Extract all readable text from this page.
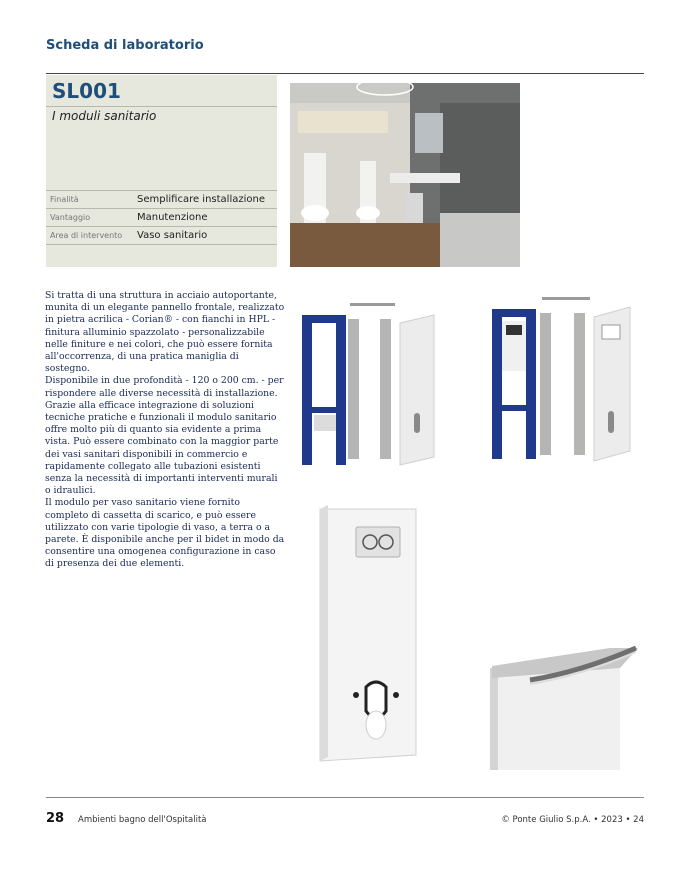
Scheda di laboratorio
SL001
I moduli sanitario
Finalità	Semplificare installazione
Vantaggio	Manutenzione
Area di intervento	Vaso sanitario

Si tratta di una struttura in acciaio autoportante, munita di un elegante pannello frontale, realizzato in pietra acrilica - Corian® - con fianchi in HPL - finitura alluminio spazzolato - personalizzabile nelle finiture e nei colori, che può essere fornita all'occorrenza, di una pratica maniglia di sostegno.

Disponibile in due profondità - 120 o 200 cm. - per rispondere alle diverse necessità di installazione.

Grazie alla efficace integrazione di soluzioni tecniche pratiche e funzionali il modulo sanitario offre molto più di quanto sia evidente a prima vista. Può essere combinato con la maggior parte dei vasi sanitari disponibili in commercio e rapidamente collegato alle tubazioni esistenti senza la necessità di importanti interventi murali o idraulici.

Il modulo per vaso sanitario viene fornito completo di cassetta di scarico, e può essere utilizzato con varie tipologie di vaso, a terra o a parete. È disponibile anche per il bidet in modo da consentire una omogenea configurazione in caso di presenza dei due elementi.

28 Ambienti bagno dell'Ospitalità	© Ponte Giulio S.p.A. • 2023 • 24
